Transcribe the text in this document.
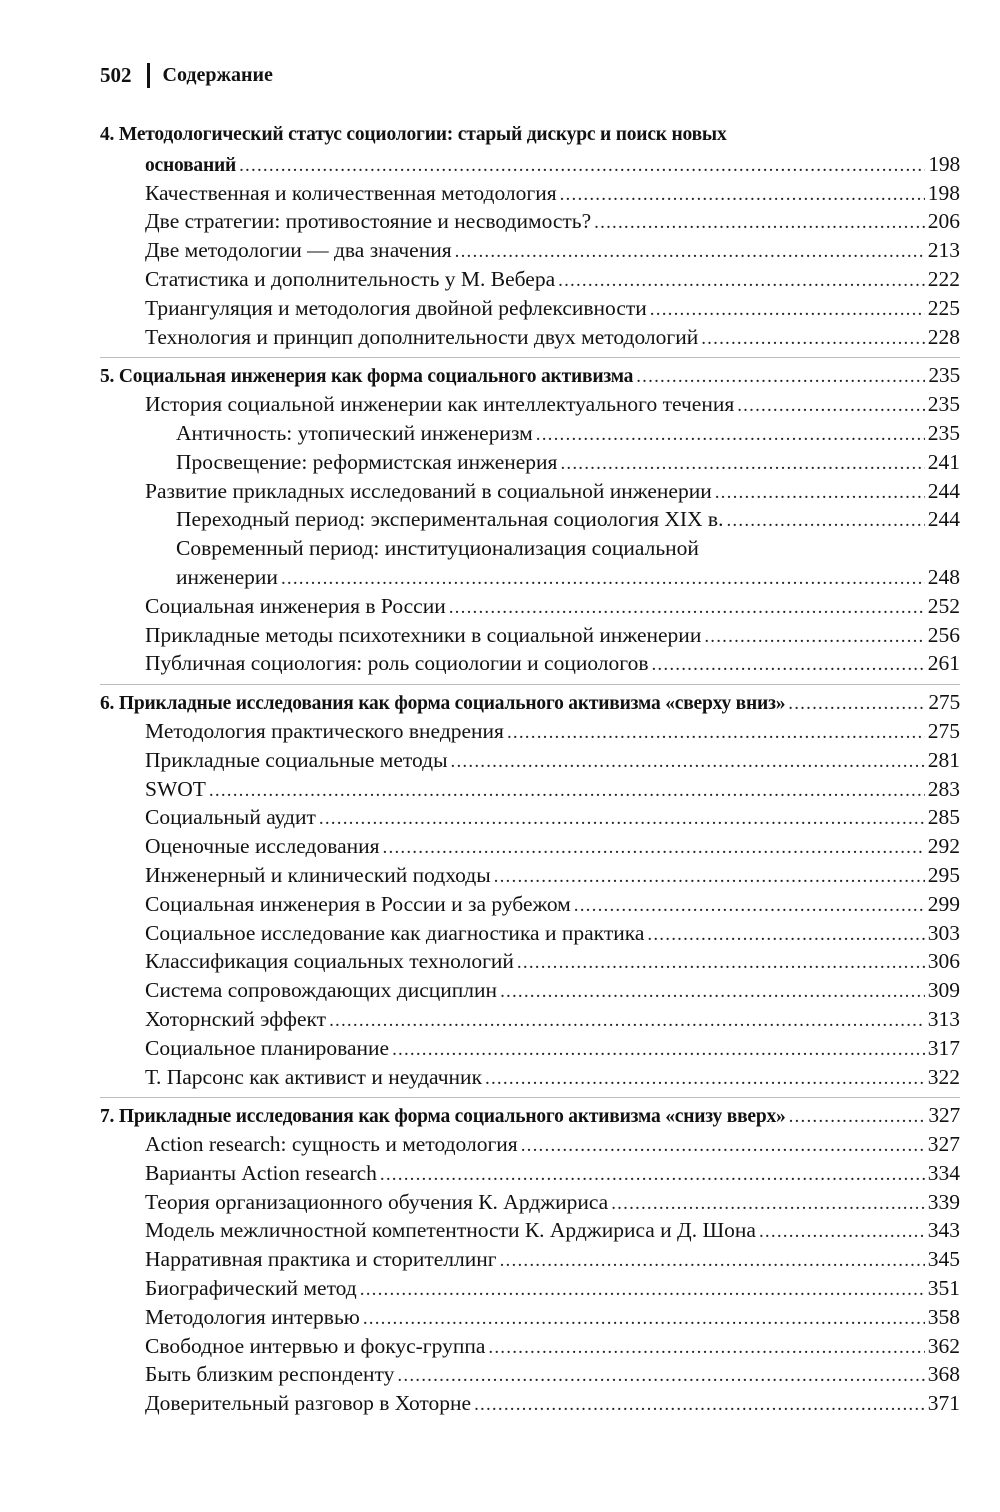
502 Содержание
4. Методологический статус социологии: старый дискурс и поиск новых
оснований .....	198
Качественная и количественная методология .....	198
Две стратегии: противостояние и несводимость? .....	206
Две методологии — два значения .....	213
Статистика и дополнительность у М. Вебера .....	222
Триангуляция и методология двойной рефлексивности .....	225
Технология и принцип дополнительности двух методологий .....	228
5. Социальная инженерия как форма социального активизма .....	235
История социальной инженерии как интеллектуального течения .....	235
Античность: утопический инженеризм .....	235
Просвещение: реформистская инженерия .....	241
Развитие прикладных исследований в социальной инженерии .....	244
Переходный период: экспериментальная социология XIX в. .....	244
Современный период: институционализация социальной
инженерии .....	248
Социальная инженерия в России .....	252
Прикладные методы психотехники в социальной инженерии .....	256
Публичная социология: роль социологии и социологов .....	261
6. Прикладные исследования как форма социального активизма «сверху вниз» .....	275
Методология практического внедрения .....	275
Прикладные социальные методы .....	281
SWOT .....	283
Социальный аудит .....	285
Оценочные исследования .....	292
Инженерный и клинический подходы .....	295
Социальная инженерия в России и за рубежом .....	299
Социальное исследование как диагностика и практика .....	303
Классификация социальных технологий .....	306
Система сопровождающих дисциплин .....	309
Хоторнский эффект .....	313
Социальное планирование .....	317
Т. Парсонс как активист и неудачник .....	322
7. Прикладные исследования как форма социального активизма «снизу вверх» .....	327
Action research: сущность и методология .....	327
Варианты Action research .....	334
Теория организационного обучения К. Арджириса .....	339
Модель межличностной компетентности К. Арджириса и Д. Шона .....	343
Нарративная практика и сторителлинг .....	345
Биографический метод .....	351
Методология интервью .....	358
Свободное интервью и фокус-группа .....	362
Быть близким респонденту .....	368
Доверительный разговор в Хоторне .....	371
